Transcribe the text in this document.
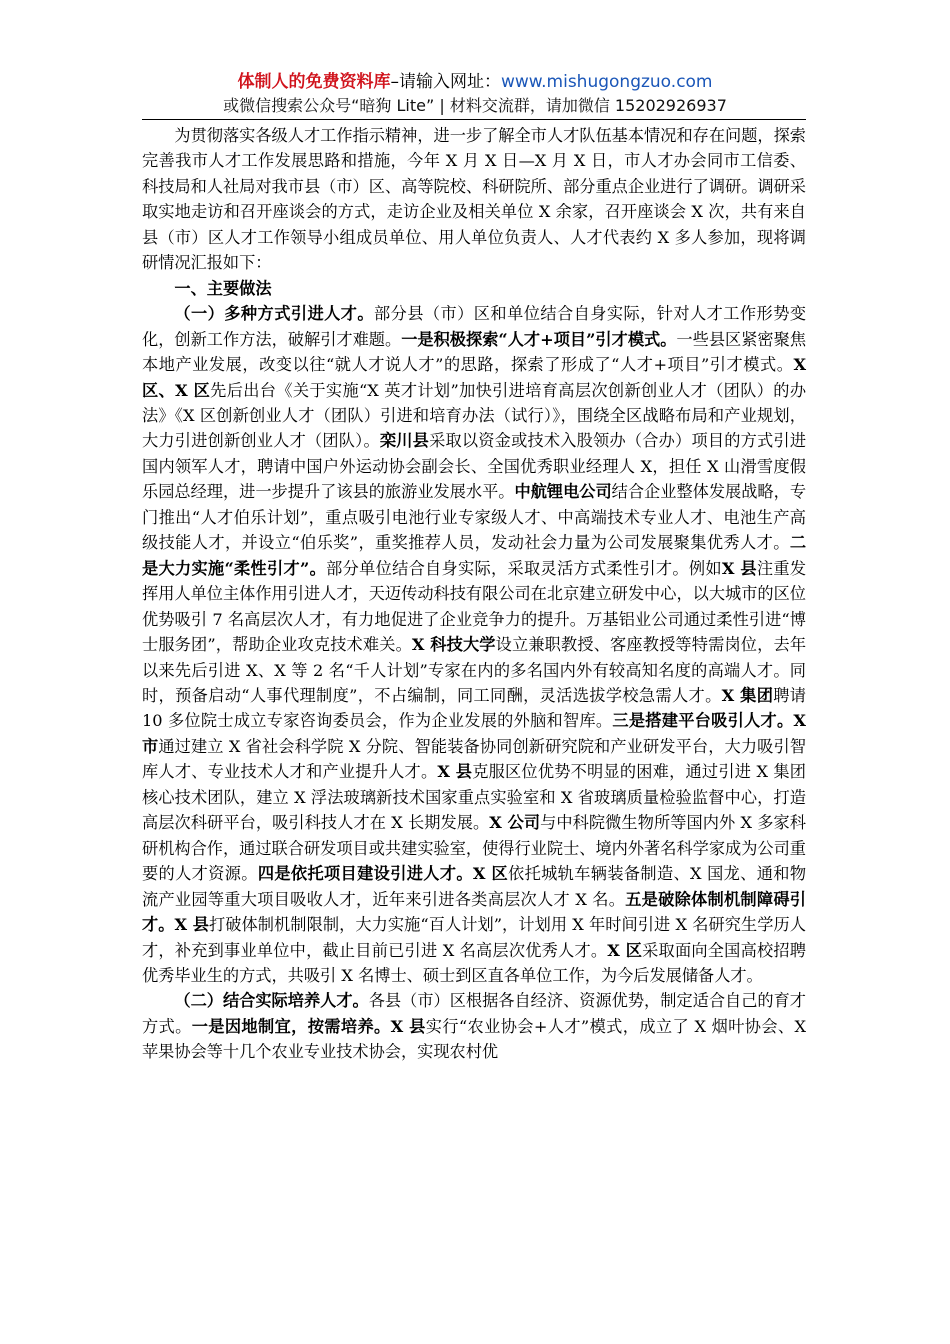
体制人的免费资料库–请输入网址：www.mishugongzuo.com
或微信搜索公众号“暗狗 Lite” | 材料交流群，请加微信 15202926937

为贯彻落实各级人才工作指示精神，进一步了解全市人才队伍基本情况和存在问题，探索完善我市人才工作发展思路和措施，今年 X 月 X 日—X 月 X 日，市人才办会同市工信委、科技局和人社局对我市县（市）区、高等院校、科研院所、部分重点企业进行了调研。调研采取实地走访和召开座谈会的方式，走访企业及相关单位 X 余家，召开座谈会 X 次，共有来自县（市）区人才工作领导小组成员单位、用人单位负责人、人才代表约 X 多人参加，现将调研情况汇报如下：

一、主要做法

（一）多种方式引进人才。部分县（市）区和单位结合自身实际，针对人才工作形势变化，创新工作方法，破解引才难题。一是积极探索“人才+项目”引才模式。一些县区紧密聚焦本地产业发展，改变以往“就人才说人才”的思路，探索了形成了“人才+项目”引才模式。X 区、X 区先后出台《关于实施“X 英才计划”加快引进培育高层次创新创业人才（团队）的办法》《X 区创新创业人才（团队）引进和培育办法（试行）》，围绕全区战略布局和产业规划，大力引进创新创业人才（团队）。栾川县采取以资金或技术入股领办（合办）项目的方式引进国内领军人才，聘请中国户外运动协会副会长、全国优秀职业经理人 X，担任 X 山滑雪度假乐园总经理，进一步提升了该县的旅游业发展水平。中航锂电公司结合企业整体发展战略，专门推出“人才伯乐计划”，重点吸引电池行业专家级人才、中高端技术专业人才、电池生产高级技能人才，并设立“伯乐奖”，重奖推荐人员，发动社会力量为公司发展聚集优秀人才。二是大力实施“柔性引才”。部分单位结合自身实际，采取灵活方式柔性引才。例如X 县注重发挥用人单位主体作用引进人才，天迈传动科技有限公司在北京建立研发中心，以大城市的区位优势吸引 7 名高层次人才，有力地促进了企业竞争力的提升。万基铝业公司通过柔性引进“博士服务团”，帮助企业攻克技术难关。X 科技大学设立兼职教授、客座教授等特需岗位，去年以来先后引进 X、X 等 2 名“千人计划”专家在内的多名国内外有较高知名度的高端人才。同时，预备启动“人事代理制度”，不占编制，同工同酬，灵活选拔学校急需人才。X 集团聘请 10 多位院士成立专家咨询委员会，作为企业发展的外脑和智库。三是搭建平台吸引人才。X 市通过建立 X 省社会科学院 X 分院、智能装备协同创新研究院和产业研发平台，大力吸引智库人才、专业技术人才和产业提升人才。X 县克服区位优势不明显的困难，通过引进 X 集团核心技术团队，建立 X 浮法玻璃新技术国家重点实验室和 X 省玻璃质量检验监督中心，打造高层次科研平台，吸引科技人才在 X 长期发展。X 公司与中科院微生物所等国内外 X 多家科研机构合作，通过联合研发项目或共建实验室，使得行业院士、境内外著名科学家成为公司重要的人才资源。四是依托项目建设引进人才。X 区依托城轨车辆装备制造、X 国龙、通和物流产业园等重大项目吸收人才，近年来引进各类高层次人才 X 名。五是破除体制机制障碍引才。X 县打破体制机制限制，大力实施“百人计划”，计划用 X 年时间引进 X 名研究生学历人才，补充到事业单位中，截止目前已引进 X 名高层次优秀人才。X 区采取面向全国高校招聘优秀毕业生的方式，共吸引 X 名博士、硕士到区直各单位工作，为今后发展储备人才。

（二）结合实际培养人才。各县（市）区根据各自经济、资源优势，制定适合自己的育才方式。一是因地制宜，按需培养。X 县实行“农业协会+人才”模式，成立了 X 烟叶协会、X 苹果协会等十几个农业专业技术协会，实现农村优
